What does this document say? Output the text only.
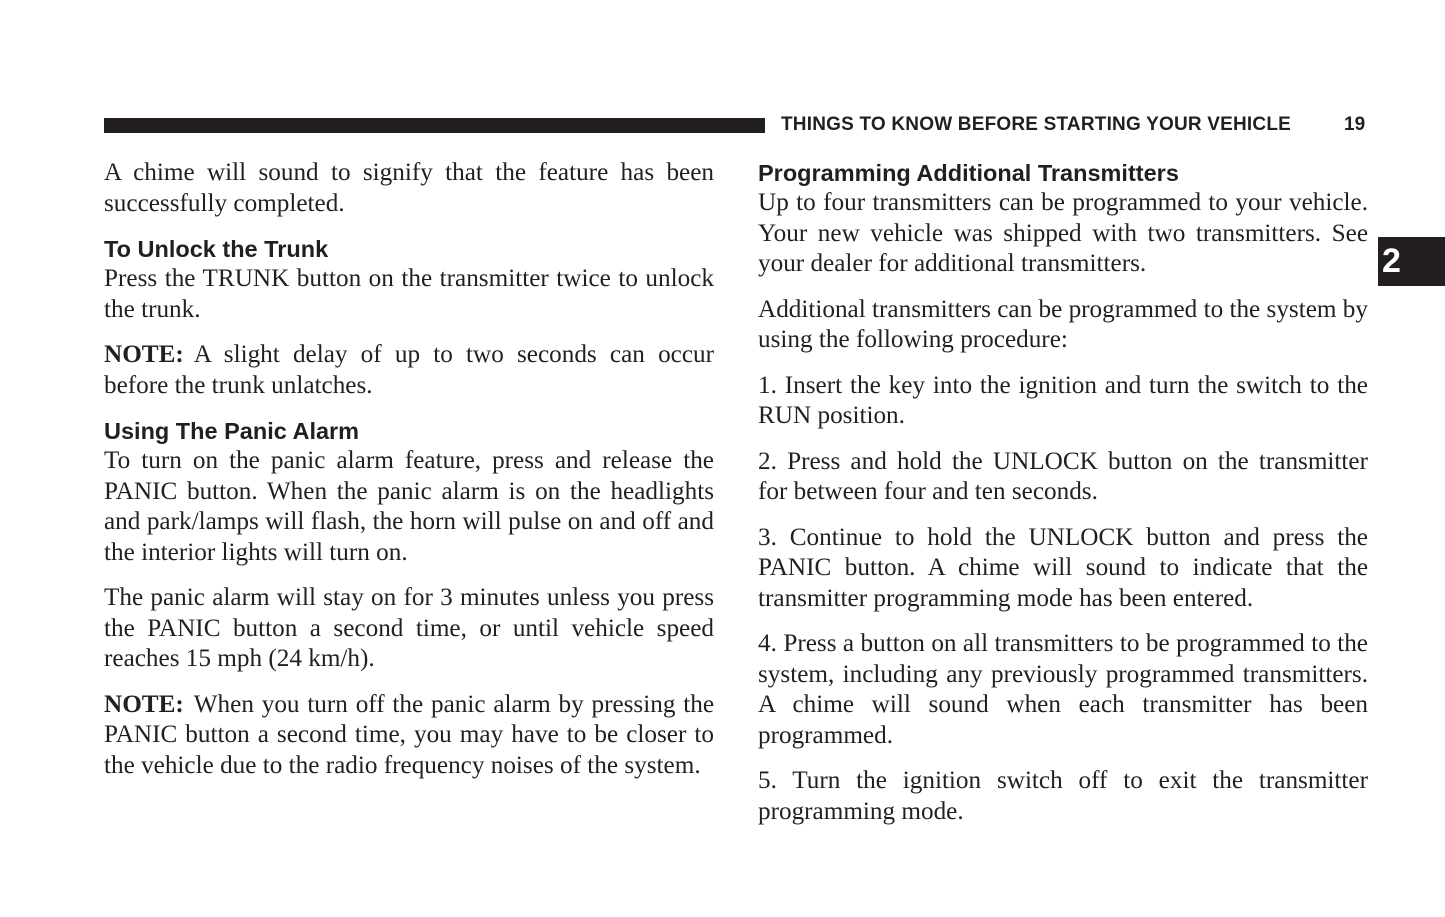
THINGS TO KNOW BEFORE STARTING YOUR VEHICLE	19
2

A chime will sound to signify that the feature has been successfully completed.

To Unlock the Trunk

Press the TRUNK button on the transmitter twice to unlock the trunk.

NOTE: A slight delay of up to two seconds can occur before the trunk unlatches.

Using The Panic Alarm

To turn on the panic alarm feature, press and release the PANIC button. When the panic alarm is on the headlights and park/lamps will flash, the horn will pulse on and off and the interior lights will turn on.

The panic alarm will stay on for 3 minutes unless you press the PANIC button a second time, or until vehicle speed reaches 15 mph (24 km/h).

NOTE: When you turn off the panic alarm by pressing the PANIC button a second time, you may have to be closer to the vehicle due to the radio frequency noises of the system.

Programming Additional Transmitters

Up to four transmitters can be programmed to your vehicle. Your new vehicle was shipped with two transmitters. See your dealer for additional transmitters.

Additional transmitters can be programmed to the system by using the following procedure:

1. Insert the key into the ignition and turn the switch to the RUN position.

2. Press and hold the UNLOCK button on the transmitter for between four and ten seconds.

3. Continue to hold the UNLOCK button and press the PANIC button. A chime will sound to indicate that the transmitter programming mode has been entered.

4. Press a button on all transmitters to be programmed to the system, including any previously programmed transmitters. A chime will sound when each transmitter has been programmed.

5. Turn the ignition switch off to exit the transmitter programming mode.
